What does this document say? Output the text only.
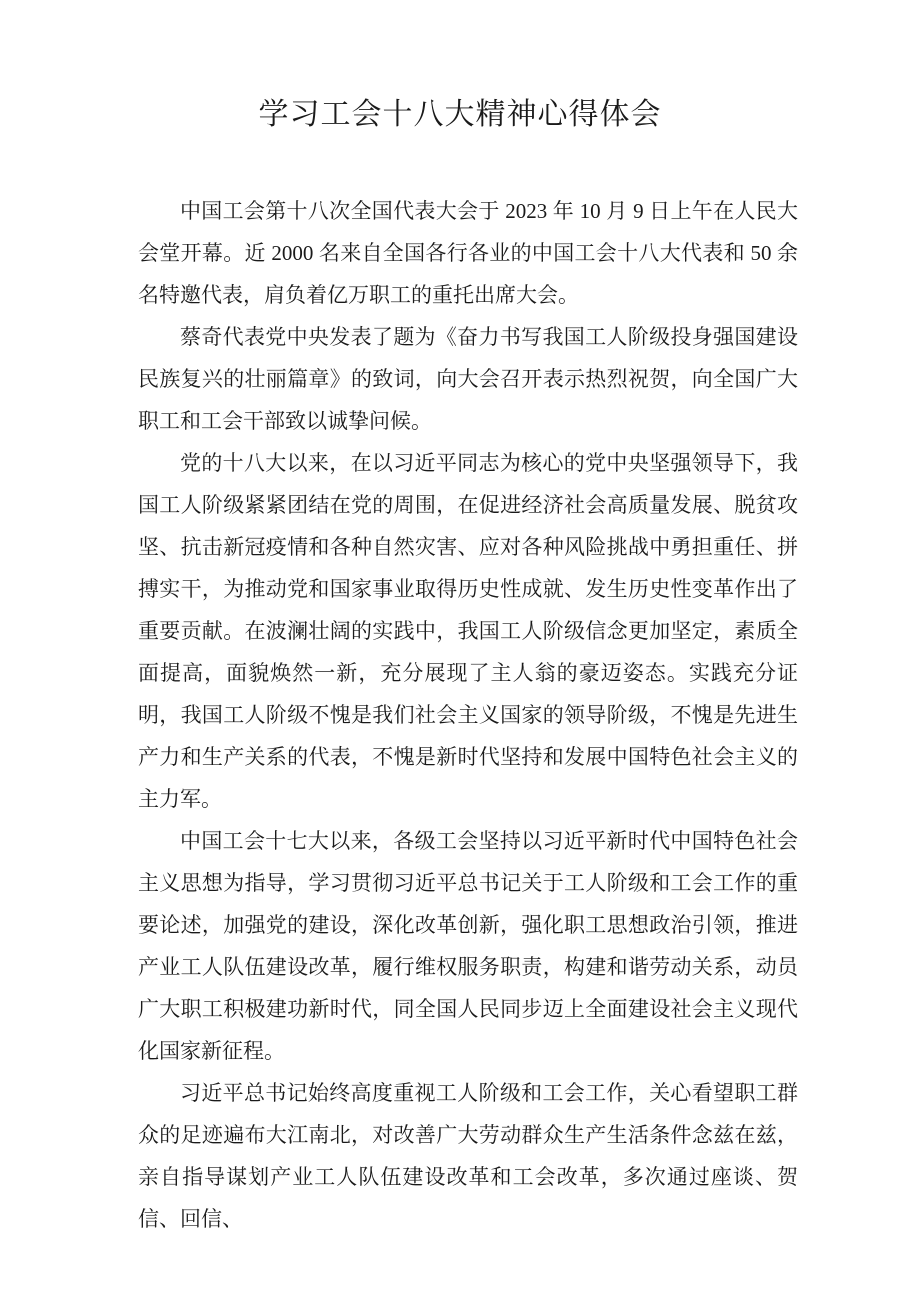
学习工会十八大精神心得体会

中国工会第十八次全国代表大会于 2023 年 10 月 9 日上午在人民大会堂开幕。近 2000 名来自全国各行各业的中国工会十八大代表和 50 余名特邀代表，肩负着亿万职工的重托出席大会。

蔡奇代表党中央发表了题为《奋力书写我国工人阶级投身强国建设民族复兴的壮丽篇章》的致词，向大会召开表示热烈祝贺，向全国广大职工和工会干部致以诚挚问候。

党的十八大以来，在以习近平同志为核心的党中央坚强领导下，我国工人阶级紧紧团结在党的周围，在促进经济社会高质量发展、脱贫攻坚、抗击新冠疫情和各种自然灾害、应对各种风险挑战中勇担重任、拼搏实干，为推动党和国家事业取得历史性成就、发生历史性变革作出了重要贡献。在波澜壮阔的实践中，我国工人阶级信念更加坚定，素质全面提高，面貌焕然一新，充分展现了主人翁的豪迈姿态。实践充分证明，我国工人阶级不愧是我们社会主义国家的领导阶级，不愧是先进生产力和生产关系的代表，不愧是新时代坚持和发展中国特色社会主义的主力军。

中国工会十七大以来，各级工会坚持以习近平新时代中国特色社会主义思想为指导，学习贯彻习近平总书记关于工人阶级和工会工作的重要论述，加强党的建设，深化改革创新，强化职工思想政治引领，推进产业工人队伍建设改革，履行维权服务职责，构建和谐劳动关系，动员广大职工积极建功新时代，同全国人民同步迈上全面建设社会主义现代化国家新征程。

习近平总书记始终高度重视工人阶级和工会工作，关心看望职工群众的足迹遍布大江南北，对改善广大劳动群众生产生活条件念兹在兹，亲自指导谋划产业工人队伍建设改革和工会改革，多次通过座谈、贺信、回信、
